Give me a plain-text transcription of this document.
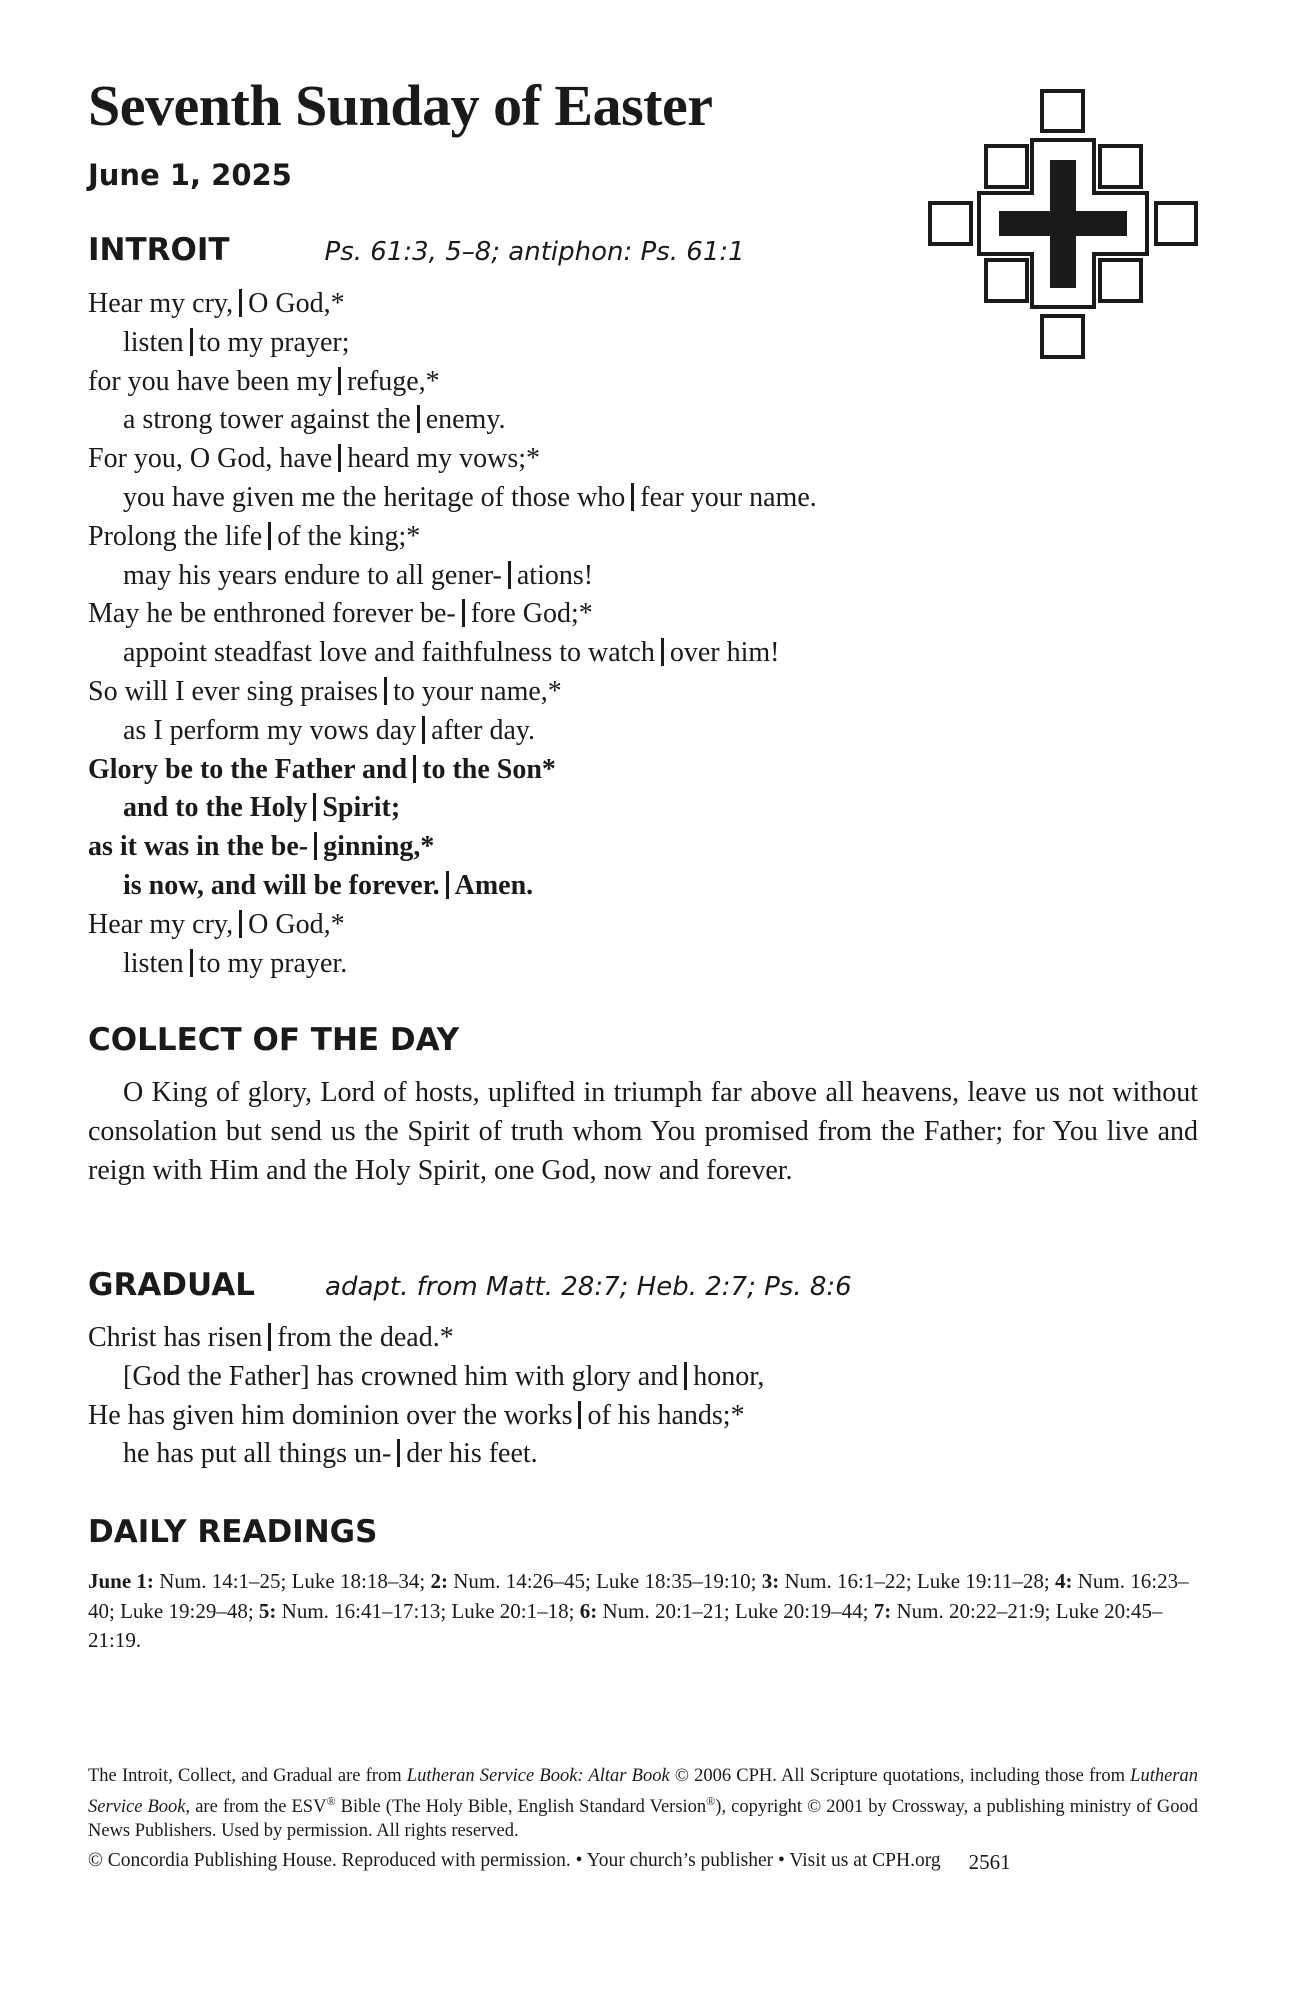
Seventh Sunday of Easter
June 1, 2025
INTROIT	Ps. 61:3, 5–8; antiphon: Ps. 61:1
Hear my cry, O God,*
listen to my prayer;
for you have been my refuge,*
a strong tower against the enemy.
For you, O God, have heard my vows;*
you have given me the heritage of those who fear your name.
Prolong the life of the king;*
may his years endure to all gener- ations!
May he be enthroned forever be- fore God;*
appoint steadfast love and faithfulness to watch over him!
So will I ever sing praises to your name,*
as I perform my vows day after day.
Glory be to the Father and to the Son*
and to the Holy Spirit;
as it was in the be- ginning,*
is now, and will be forever. Amen.
Hear my cry, O God,*
listen to my prayer.
COLLECT OF THE DAY

O King of glory, Lord of hosts, uplifted in triumph far above all heavens, leave us not without consolation but send us the Spirit of truth whom You promised from the Father; for You live and reign with Him and the Holy Spirit, one God, now and forever.

GRADUAL	adapt. from Matt. 28:7; Heb. 2:7; Ps. 8:6
Christ has risen from the dead.*
[God the Father] has crowned him with glory and honor,
He has given him dominion over the works of his hands;*
he has put all things un- der his feet.
DAILY READINGS

June 1: Num. 14:1–25; Luke 18:18–34; 2: Num. 14:26–45; Luke 18:35–19:10; 3: Num. 16:1–22; Luke 19:11–28; 4: Num. 16:23–40; Luke 19:29–48; 5: Num. 16:41–17:13; Luke 20:1–18; 6: Num. 20:1–21; Luke 20:19–44; 7: Num. 20:22–21:9; Luke 20:45–21:19.

The Introit, Collect, and Gradual are from Lutheran Service Book: Altar Book © 2006 CPH. All Scripture quotations, including those from Lutheran Service Book, are from the ESV® Bible (The Holy Bible, English Standard Version®), copyright © 2001 by Crossway, a publishing ministry of Good News Publishers. Used by permission. All rights reserved.

© Concordia Publishing House. Reproduced with permission. • Your church’s publisher • Visit us at CPH.org 2561
